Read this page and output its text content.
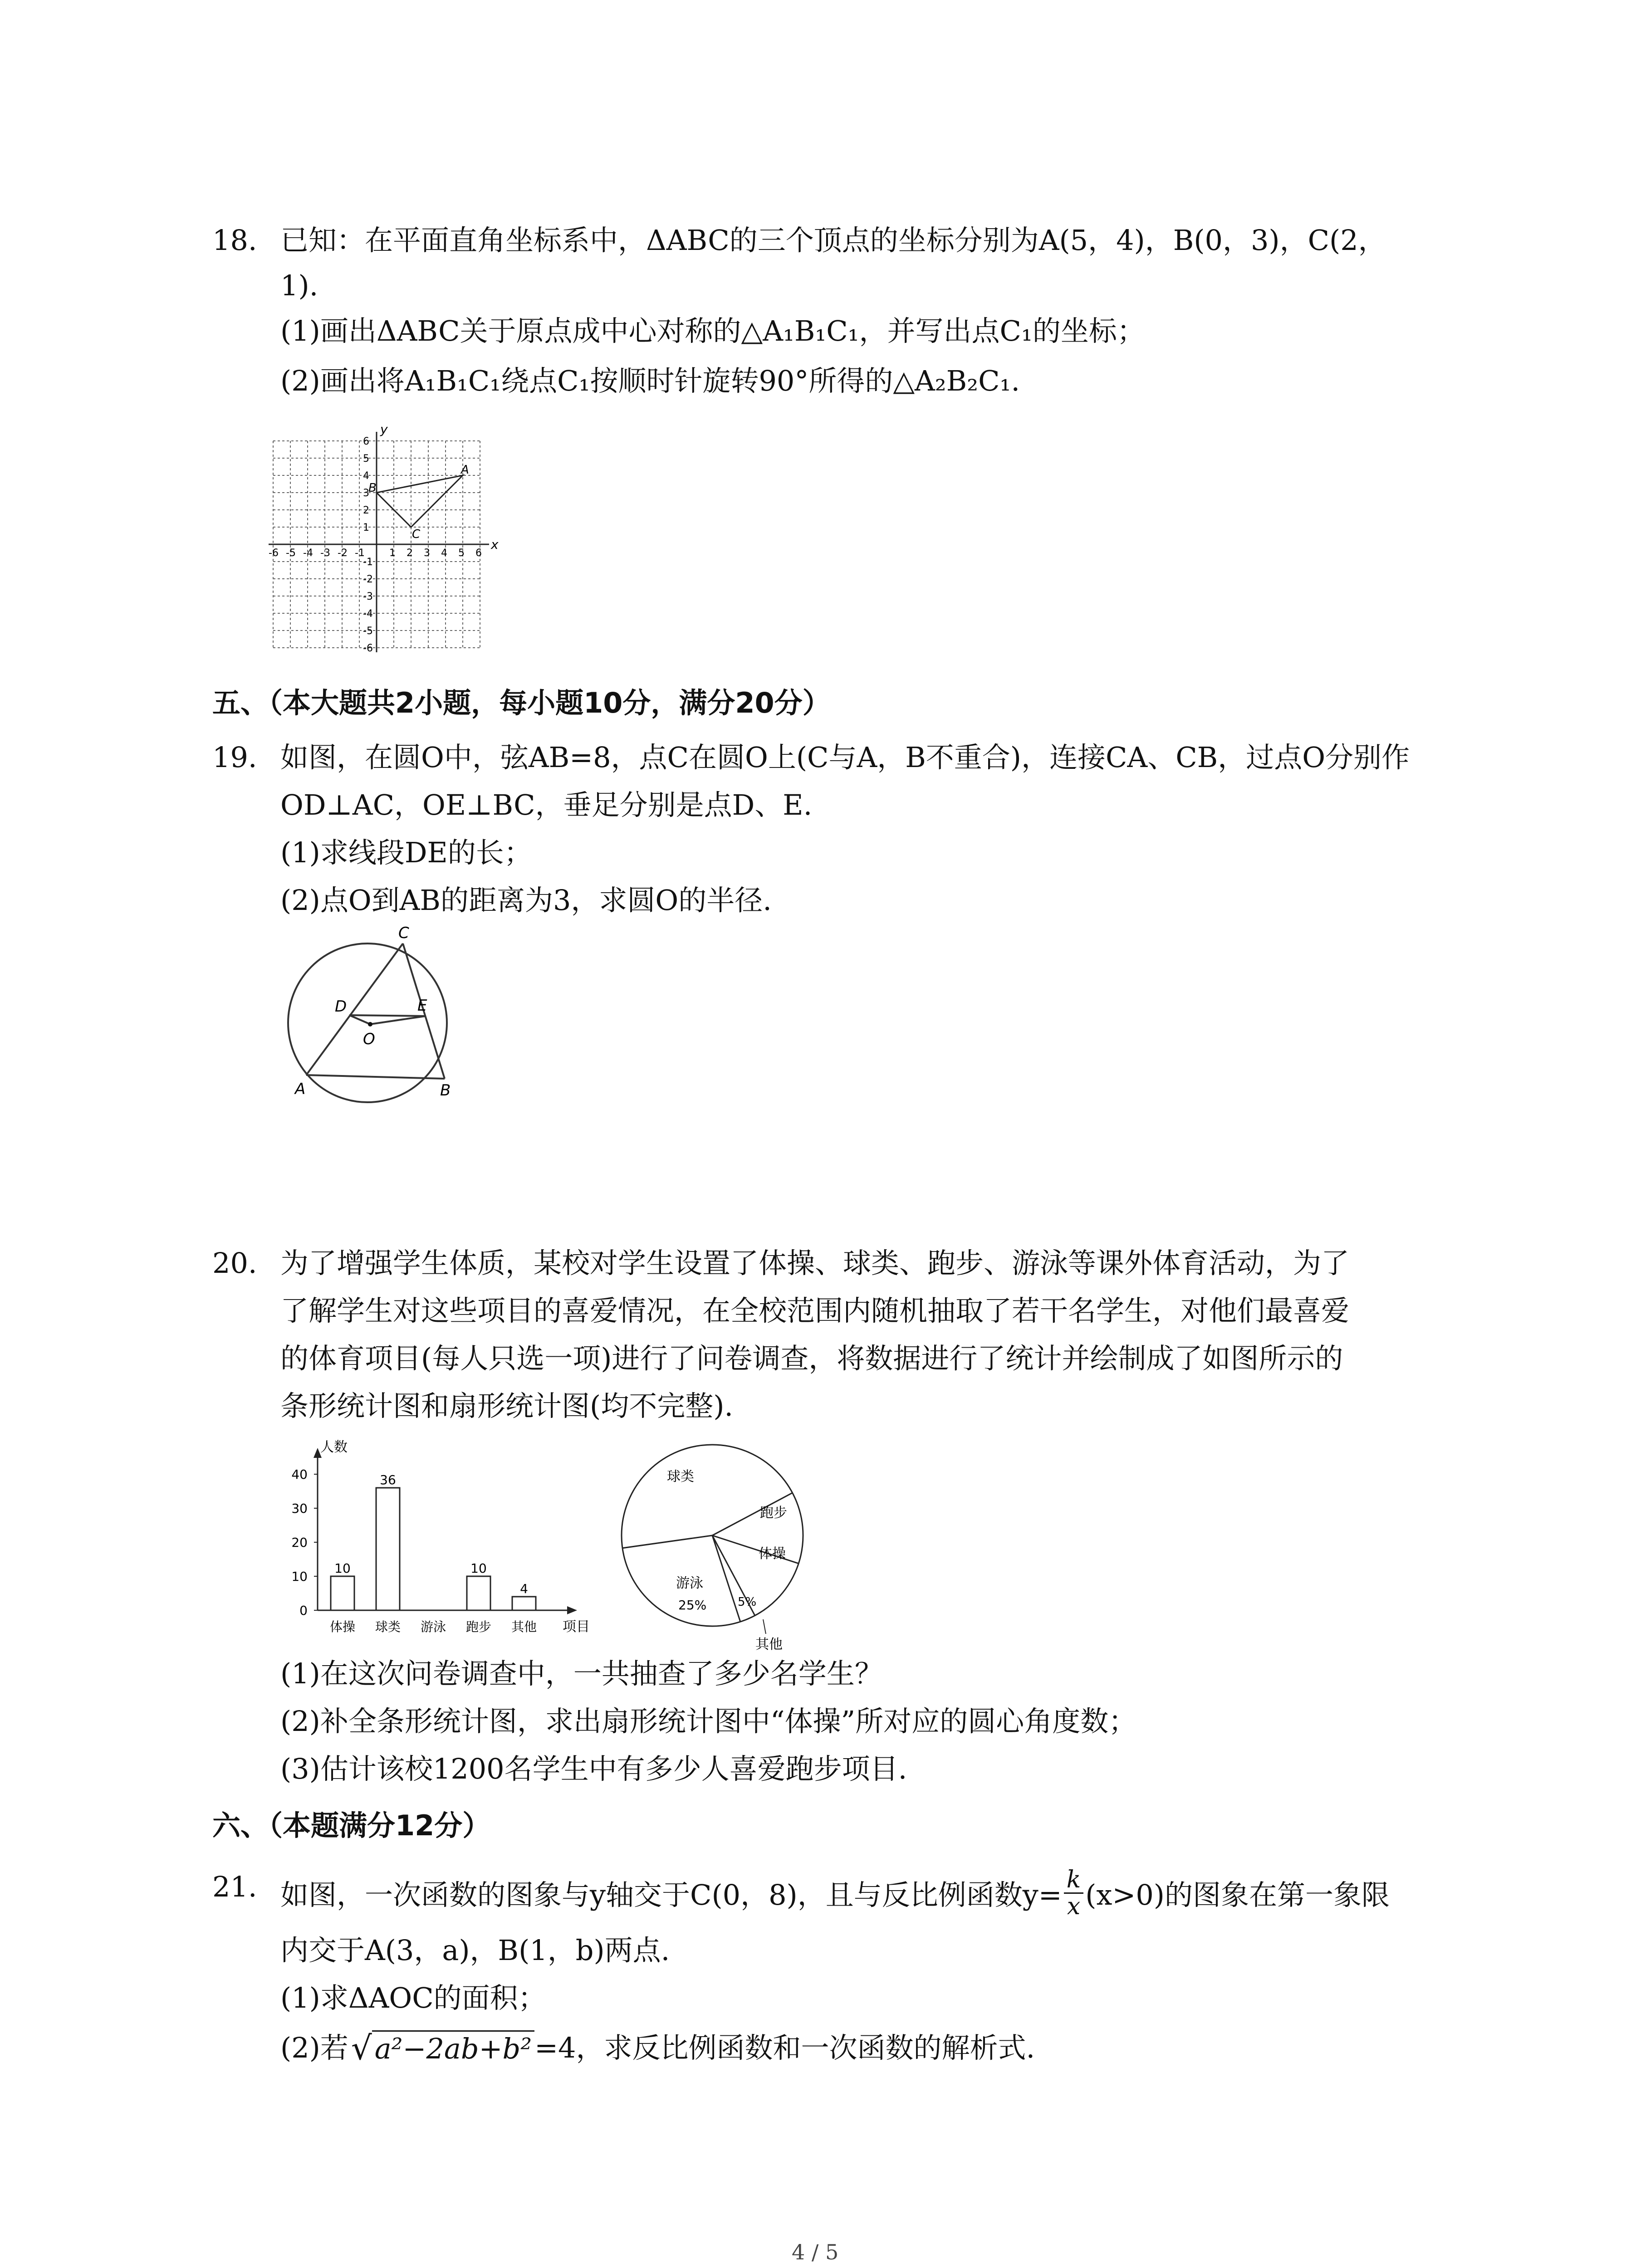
18. 已知：在平面直角坐标系中，ΔABC的三个顶点的坐标分别为A(5，4)，B(0，3)，C(2，
1).
(1)画出ΔABC关于原点成中心对称的△A₁B₁C₁，并写出点C₁的坐标；
(2)画出将A₁B₁C₁绕点C₁按顺时针旋转90°所得的△A₂B₂C₁.
x
y
-6 -5 -4 -3 -2 -1 1 2 3 4 5 6
6
5
4
3
2
1
-1
-2
-3
-4
-5
-6
A
B
C
五、（本大题共2小题，每小题10分，满分20分）
19. 如图，在圆O中，弦AB=8，点C在圆O上(C与A，B不重合)，连接CA、CB，过点O分别作
OD⊥AC，OE⊥BC，垂足分别是点D、E.
(1)求线段DE的长；
(2)点O到AB的距离为3，求圆O的半径.
C
D	E
O
A	B
20. 为了增强学生体质，某校对学生设置了体操、球类、跑步、游泳等课外体育活动，为了
了解学生对这些项目的喜爱情况，在全校范围内随机抽取了若干名学生，对他们最喜爱
的体育项目(每人只选一项)进行了问卷调查，将数据进行了统计并绘制成了如图所示的
条形统计图和扇形统计图(均不完整).
人数
项目
0
10
20
30
40
10
体操
36
球类 游泳
10
跑步
4
其他
球类
跑步
体操
游泳
其他
25%	5%
(1)在这次问卷调查中，一共抽查了多少名学生？
(2)补全条形统计图，求出扇形统计图中“体操”所对应的圆心角度数；
(3)估计该校1200名学生中有多少人喜爱跑步项目.
六、（本题满分12分）
21. 如图，一次函数的图象与y轴交于C(0，8)，且与反比例函数$y= \frac{k}{x} (x>0)$的图象在第一象限
内交于A(3，a)，B(1，b)两点.
(1)求ΔAOC的面积；
(2)若 √ a²−2ab+b² =4，求反比例函数和一次函数的解析式.
4 / 5
